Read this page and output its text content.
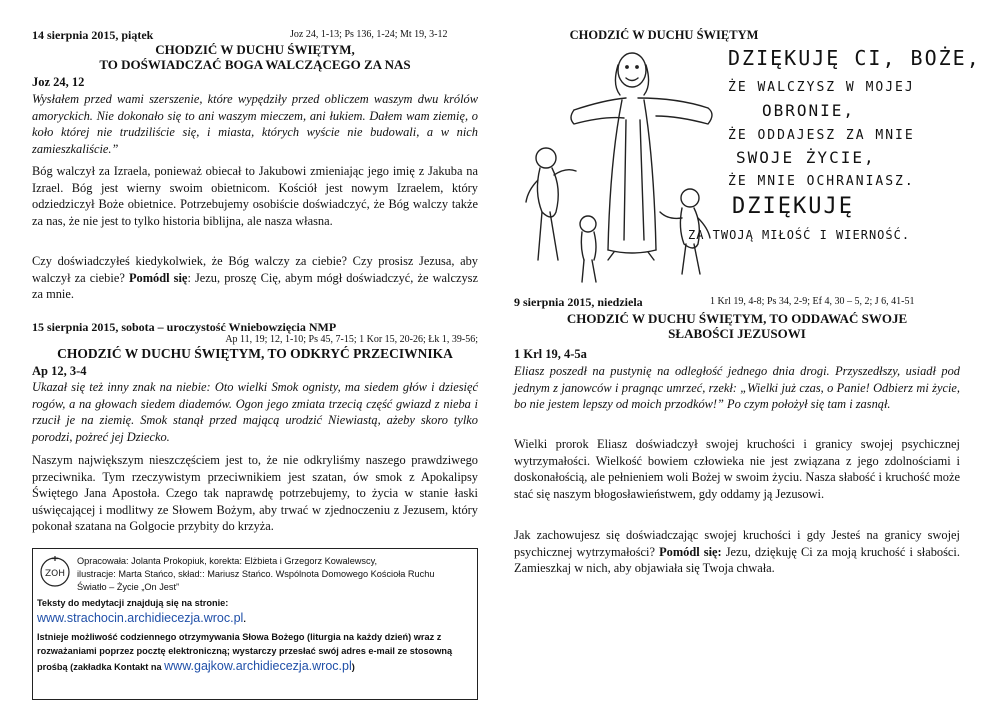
14 sierpnia 2015, piątek	Joz 24, 1-13; Ps 136, 1-24; Mt 19, 3-12
CHODZIĆ W DUCHU ŚWIĘTYM,
TO DOŚWIADCZAĆ BOGA WALCZĄCEGO ZA NAS
Joz 24, 12

Wysłałem przed wami szerszenie, które wypędziły przed obliczem waszym dwu królów amoryckich. Nie dokonało się to ani waszym mieczem, ani łukiem. Dałem wam ziemię, o koło której nie trudziliście się, i miasta, których wyście nie budowali, a w nich zamieszkaliście.”

Bóg walczył za Izraela, ponieważ obiecał to Jakubowi zmieniając jego imię z Jakuba na Izrael. Bóg jest wierny swoim obietnicom. Kościół jest nowym Izraelem, który odziedziczył Boże obietnice. Potrzebujemy osobiście doświadczyć, że Bóg walczy także za nas, że nie jest to tylko historia biblijna, ale nasza własna.

Czy doświadczyłeś kiedykolwiek, że Bóg walczy za ciebie? Czy prosisz Jezusa, aby walczył za ciebie? Pomódl się: Jezu, proszę Cię, abym mógł doświadczyć, że walczysz za mnie.

15 sierpnia 2015, sobota – uroczystość Wniebowzięcia NMP
Ap 11, 19; 12, 1-10; Ps 45, 7-15; 1 Kor 15, 20-26; Łk 1, 39-56;
CHODZIĆ W DUCHU ŚWIĘTYM, TO ODKRYĆ PRZECIWNIKA
Ap 12, 3-4

Ukazał się też inny znak na niebie: Oto wielki Smok ognisty, ma siedem głów i dziesięć rogów, a na głowach siedem diademów. Ogon jego zmiata trzecią część gwiazd z nieba i rzucił je na ziemię. Smok stanął przed mającą urodzić Niewiastą, ażeby skoro tylko porodzi, pożreć jej Dziecko.

Naszym największym nieszczęściem jest to, że nie odkryliśmy naszego prawdziwego przeciwnika. Tym rzeczywistym przeciwnikiem jest szatan, ów smok z Apokalipsy Świętego Jana Apostoła. Czego tak naprawdę potrzebujemy, to życia w stanie łaski uświęcającej i modlitwy ze Słowem Bożym, aby trwać w zjednoczeniu z Jezusem, który pokonał szatana na Golgocie przybity do krzyża.

ZOH
Opracowała: Jolanta Prokopiuk, korekta: Elżbieta i Grzegorz Kowalewscy,
ilustracje: Marta Stańco, skład:: Mariusz Stańco. Wspólnota Domowego Kościoła Ruchu
Światło – Życie „On Jest”
Teksty do medytacji znajdują się na stronie:
www.strachocin.archidiecezja.wroc.pl.
Istnieje możliwość codziennego otrzymywania Słowa Bożego (liturgia na każdy dzień) wraz z
rozważaniami poprzez pocztę elektroniczną; wystarczy przesłać swój adres e-mail ze stosowną
prośbą (zakładka Kontakt na www.gajkow.archidiecezja.wroc.pl)
CHODZIĆ W DUCHU ŚWIĘTYM
DZIĘKUJĘ CI, BOŻE,
ŻE WALCZYSZ W MOJEJ
OBRONIE,
ŻE ODDAJESZ ZA MNIE
SWOJE ŻYCIE,
ŻE MNIE OCHRANIASZ.
DZIĘKUJĘ
ZA TWOJĄ MIŁOŚĆ I WIERNOŚĆ.
9 sierpnia 2015, niedziela	1 Krl 19, 4-8; Ps 34, 2-9; Ef 4, 30 – 5, 2; J 6, 41-51
CHODZIĆ W DUCHU ŚWIĘTYM, TO ODDAWAĆ SWOJE
SŁABOŚCI JEZUSOWI
1 Krl 19, 4-5a

Eliasz poszedł na pustynię na odległość jednego dnia drogi. Przyszedłszy, usiadł pod jednym z janowców i pragnąc umrzeć, rzekł: „Wielki już czas, o Panie! Odbierz mi życie, bo nie jestem lepszy od moich przodków!” Po czym położył się tam i zasnął.

Wielki prorok Eliasz doświadczył swojej kruchości i granicy swojej psychicznej wytrzymałości. Wielkość bowiem człowieka nie jest związana z jego zdolnościami i doskonałością, ale pełnieniem woli Bożej w swoim życiu. Nasza słabość i kruchość może stać się naszym błogosławieństwem, gdy oddamy ją Jezusowi.

Jak zachowujesz się doświadczając swojej kruchości i gdy Jesteś na granicy swojej psychicznej wytrzymałości? Pomódl się: Jezu, dziękuję Ci za moją kruchość i słabości. Zamieszkaj w nich, aby objawiała się Twoja chwała.
